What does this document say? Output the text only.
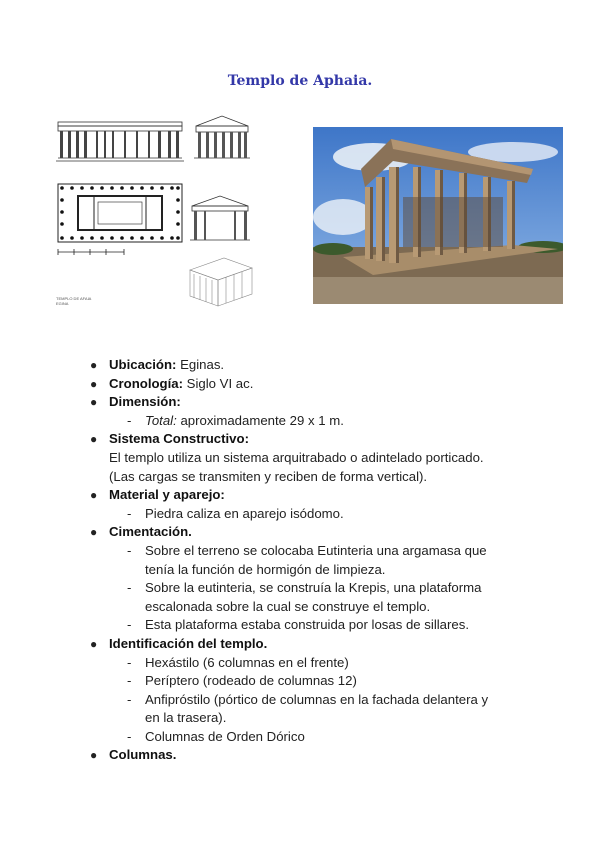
Templo de Aphaia.
TEMPLO DE AFAIA EGINA
● Ubicación: Eginas.
● Cronología: Siglo VI ac.
● Dimensión:
- Total: aproximadamente 29 x 1 m.
● Sistema Constructivo:
El templo utiliza un sistema arquitrabado o adintelado porticado.
(Las cargas se transmiten y reciben de forma vertical).
● Material y aparejo:
- Piedra caliza en aparejo isódomo.
● Cimentación.
- Sobre el terreno se colocaba Eutinteria una argamasa que
tenía la función de hormigón de limpieza.
- Sobre la eutinteria, se construía la Krepis, una plataforma
escalonada sobre la cual se construye el templo.
- Esta plataforma estaba construida por losas de sillares.
● Identificación del templo.
- Hexástilo (6 columnas en el frente)
- Períptero (rodeado de columnas 12)
- Anfipróstilo (pórtico de columnas en la fachada delantera y
en la trasera).
- Columnas de Orden Dórico
● Columnas.
